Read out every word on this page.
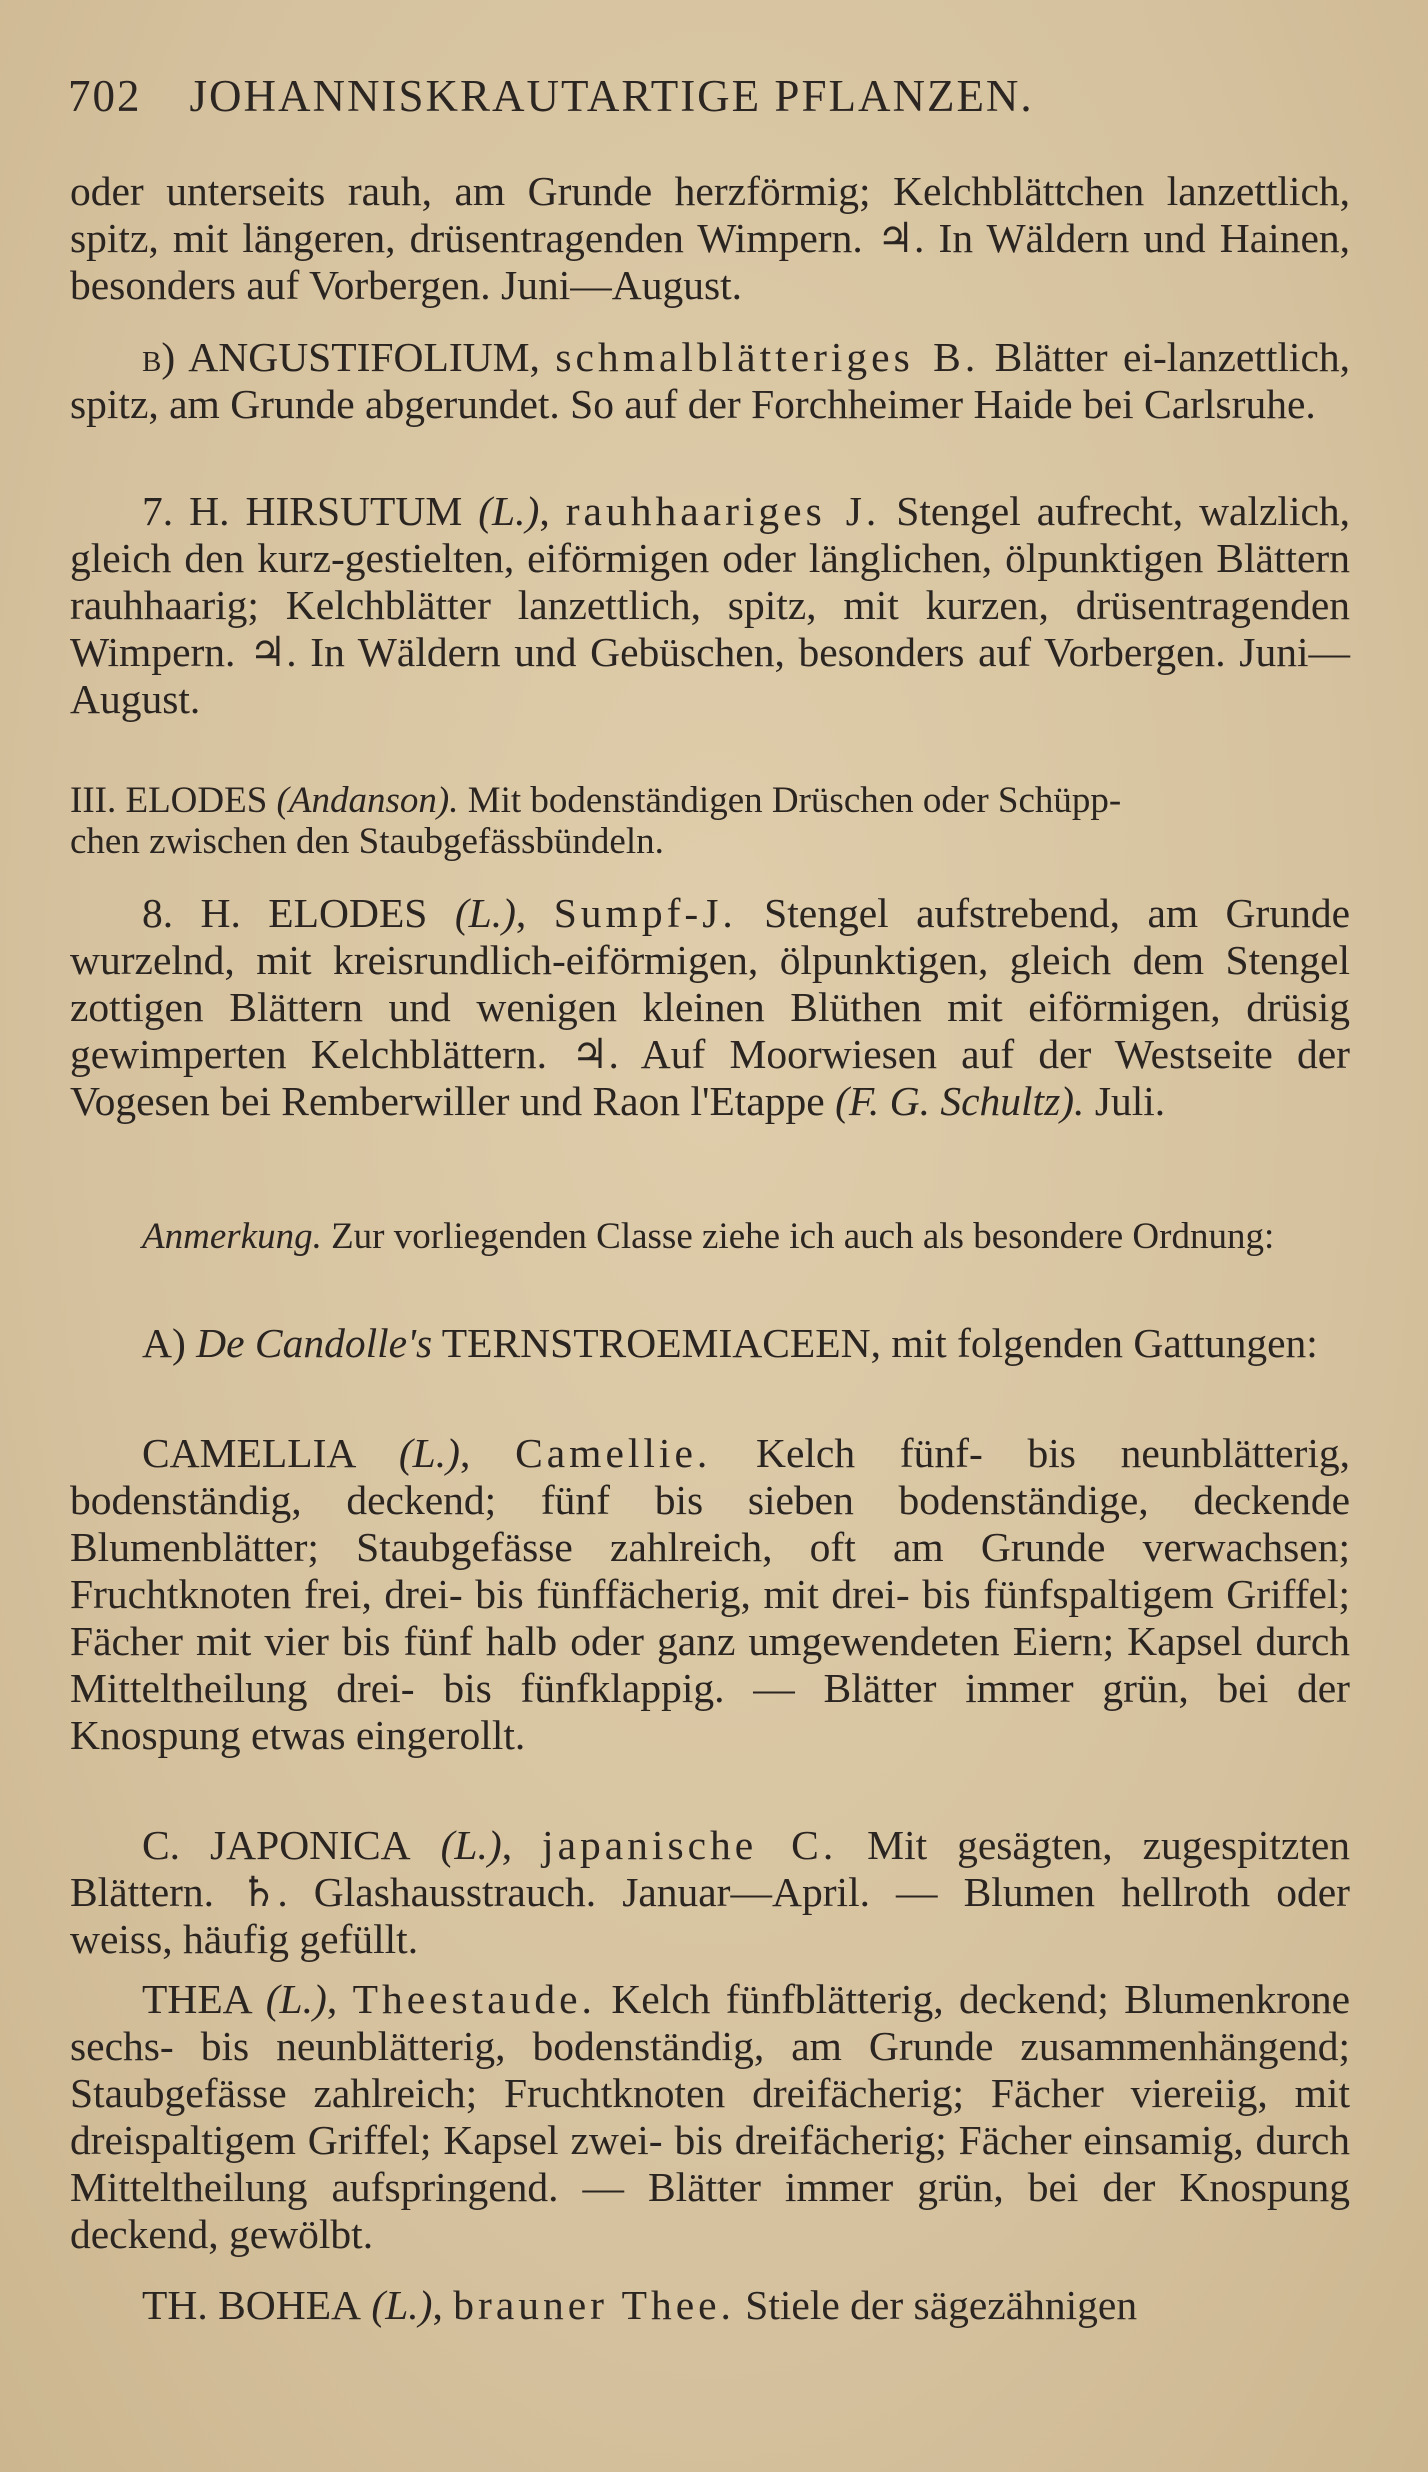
702 JOHANNISKRAUTARTIGE PFLANZEN.

oder unterseits rauh, am Grunde herzförmig; Kelchblättchen lanzettlich, spitz, mit längeren, drüsentragenden Wimpern. ♃. In Wäldern und Hainen, besonders auf Vorbergen. Juni—August.

b) ANGUSTIFOLIUM, schmalblätteriges B. Blätter ei-lanzettlich, spitz, am Grunde abgerundet. So auf der Forchheimer Haide bei Carlsruhe.

7. H. HIRSUTUM (L.), rauhhaariges J. Stengel aufrecht, walzlich, gleich den kurz-gestielten, eiförmigen oder länglichen, ölpunktigen Blättern rauhhaarig; Kelchblätter lanzettlich, spitz, mit kurzen, drüsentragenden Wimpern. ♃. In Wäldern und Gebüschen, besonders auf Vorbergen. Juni—August.

III. ELODES (Andanson). Mit bodenständigen Drüschen oder Schüpp-

chen zwischen den Staubgefässbündeln.

8. H. ELODES (L.), Sumpf-J. Stengel aufstrebend, am Grunde wurzelnd, mit kreisrundlich-eiförmigen, ölpunktigen, gleich dem Stengel zottigen Blättern und wenigen kleinen Blüthen mit eiförmigen, drüsig gewimperten Kelchblättern. ♃. Auf Moorwiesen auf der Westseite der Vogesen bei Remberwiller und Raon l'Etappe (F. G. Schultz). Juli.

Anmerkung. Zur vorliegenden Classe ziehe ich auch als besondere Ordnung:

A) De Candolle's TERNSTROEMIACEEN, mit folgenden Gattungen:

CAMELLIA (L.), Camellie. Kelch fünf- bis neunblätterig, bodenständig, deckend; fünf bis sieben bodenständige, deckende Blumenblätter; Staubgefässe zahlreich, oft am Grunde verwachsen; Fruchtknoten frei, drei- bis fünffächerig, mit drei- bis fünfspaltigem Griffel; Fächer mit vier bis fünf halb oder ganz umgewendeten Eiern; Kapsel durch Mitteltheilung drei- bis fünfklappig. — Blätter immer grün, bei der Knospung etwas eingerollt.

C. JAPONICA (L.), japanische C. Mit gesägten, zugespitzten Blättern. ♄. Glashausstrauch. Januar—April. — Blumen hellroth oder weiss, häufig gefüllt.

THEA (L.), Theestaude. Kelch fünfblätterig, deckend; Blumenkrone sechs- bis neunblätterig, bodenständig, am Grunde zusammenhängend; Staubgefässe zahlreich; Fruchtknoten dreifächerig; Fächer viereiig, mit dreispaltigem Griffel; Kapsel zwei- bis dreifächerig; Fächer einsamig, durch Mitteltheilung aufspringend. — Blätter immer grün, bei der Knospung deckend, gewölbt.

TH. BOHEA (L.), brauner Thee. Stiele der sägezähnigen
